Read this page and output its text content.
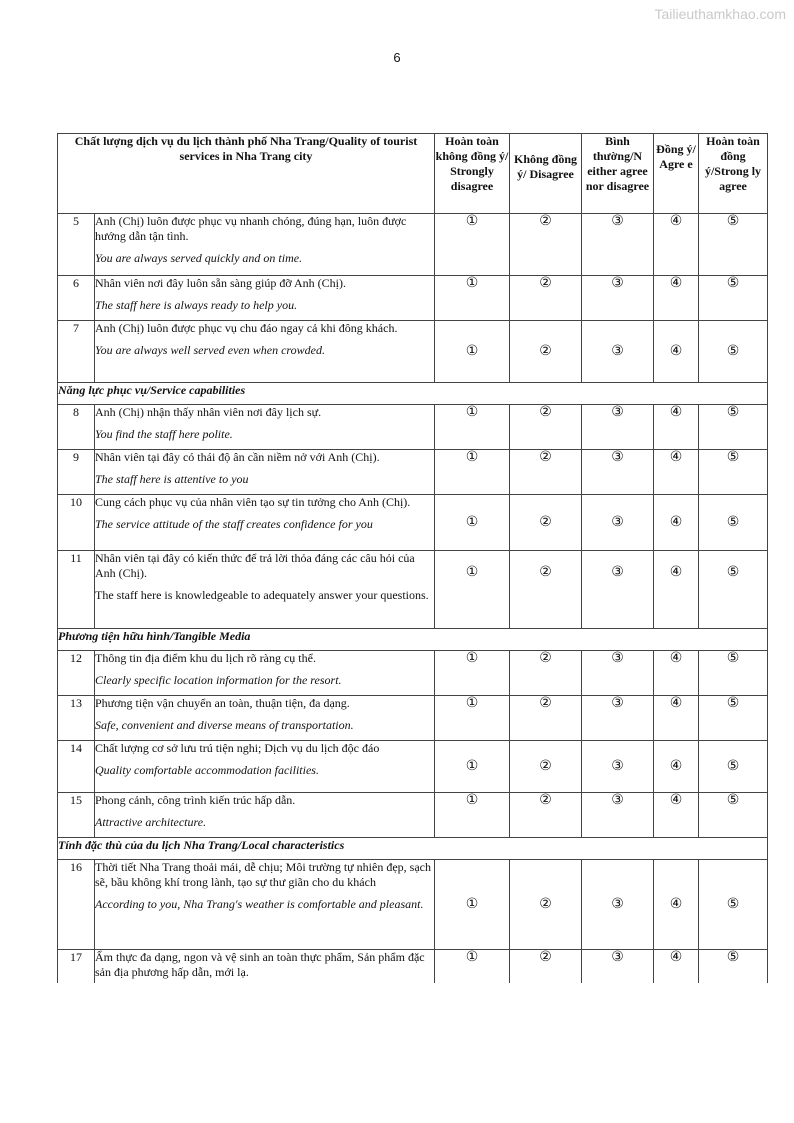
Tailieuthamkhao.com
6
Chất lượng dịch vụ du lịch thành phố Nha Trang/Quality of tourist services in Nha Trang city		Hoàn toàn không đồng ý/ Strongly disagree	Không đồng ý/ Disagree	Bình thường/N either agree nor disagree	Đồng ý/ Agre e	Hoàn toàn đồng ý/Strong ly agree
5	Anh (Chị) luôn được phục vụ nhanh chóng, đúng hạn, luôn được hướng dẫn tận tình.
You are always served quickly and on time.	①	②	③	④	⑤
6	Nhân viên nơi đây luôn sẵn sàng giúp đỡ Anh (Chị).
The staff here is always ready to help you.	①	②	③	④	⑤
7	Anh (Chị) luôn được phục vụ chu đáo ngay cả khi đông khách.
You are always well served even when crowded.	①	②	③	④	⑤
Năng lực phục vụ/Service capabilities						
8	Anh (Chị) nhận thấy nhân viên nơi đây lịch sự.
You find the staff here polite.	①	②	③	④	⑤
9	Nhân viên tại đây có thái độ ân cần niềm nở với Anh (Chị).
The staff here is attentive to you	①	②	③	④	⑤
10	Cung cách phục vụ của nhân viên tạo sự tin tưởng cho Anh (Chị).
The service attitude of the staff creates confidence for you	①	②	③	④	⑤
11	Nhân viên tại đây có kiến thức để trả lời thỏa đáng các câu hỏi của Anh (Chị).
The staff here is knowledgeable to adequately answer your questions.	①	②	③	④	⑤
Phương tiện hữu hình/Tangible Media						
12	Thông tin địa điểm khu du lịch rõ ràng cụ thể.
Clearly specific location information for the resort.	①	②	③	④	⑤
13	Phương tiện vận chuyển an toàn, thuận tiện, đa dạng.
Safe, convenient and diverse means of transportation.	①	②	③	④	⑤
14	Chất lượng cơ sở lưu trú tiện nghi; Dịch vụ du lịch độc đáo
Quality comfortable accommodation facilities.	①	②	③	④	⑤
15	Phong cảnh, công trình kiến trúc hấp dẫn.
Attractive architecture.	①	②	③	④	⑤
Tính đặc thù của du lịch Nha Trang/Local characteristics						
16	Thời tiết Nha Trang thoải mái, dễ chịu; Môi trường tự nhiên đẹp, sạch sẽ, bầu không khí trong lành, tạo sự thư giãn cho du khách
According to you, Nha Trang's weather is comfortable and pleasant.	①	②	③	④	⑤
17	Ẩm thực đa dạng, ngon và vệ sinh an toàn thực phẩm, Sản phẩm đặc sản địa phương hấp dẫn, mới lạ.	①	②	③	④	⑤
